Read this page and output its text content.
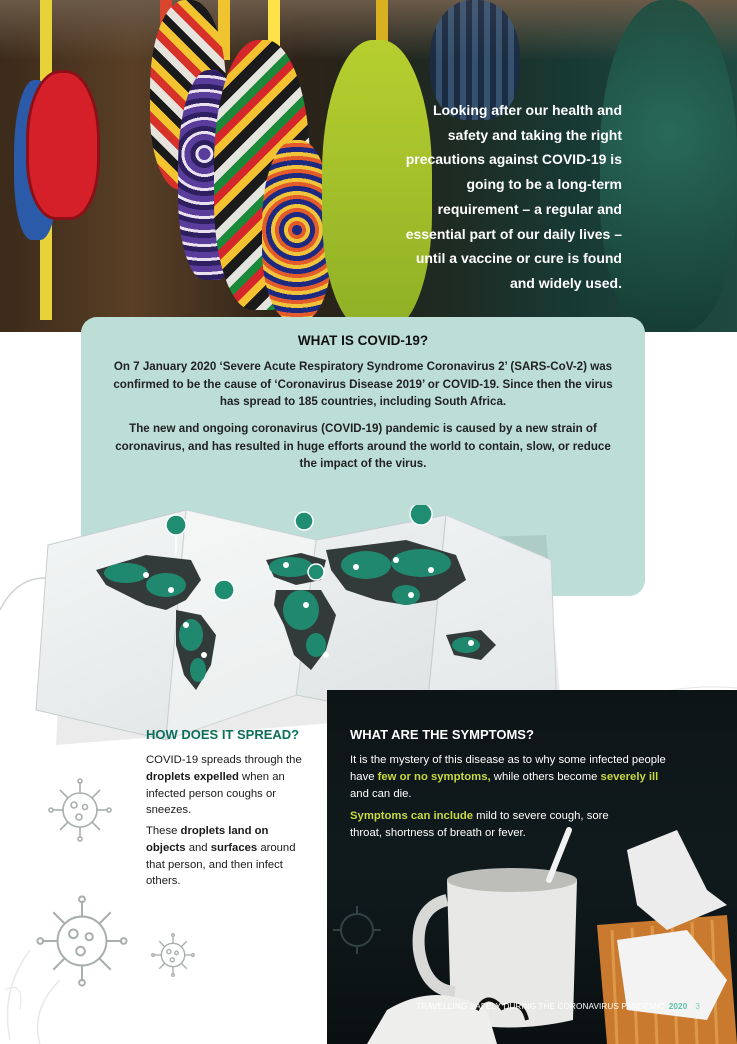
Looking after our health and safety and taking the right precautions against COVID-19 is going to be a long-term requirement – a regular and essential part of our daily lives – until a vaccine or cure is found and widely used.
WHAT IS COVID-19?
On 7 January 2020 ‘Severe Acute Respiratory Syndrome Coronavirus 2’ (SARS-CoV-2) was confirmed to be the cause of ‘Coronavirus Disease 2019’ or COVID-19. Since then the virus has spread to 185 countries, including South Africa.
The new and ongoing coronavirus (COVID-19) pandemic is caused by a new strain of coronavirus, and has resulted in huge efforts around the world to contain, slow, or reduce the impact of the virus.
WHAT ARE THE SYMPTOMS?
It is the mystery of this disease as to why some infected people have few or no symptoms, while others become severely ill and can die.
Symptoms can include mild to severe cough, sore throat, shortness of breath or fever.
HOW DOES IT SPREAD?
COVID-19 spreads through the droplets expelled when an infected person coughs or sneezes.
These droplets land on objects and surfaces around that person, and then infect others.
TRAVELLING SAFELY DURING THE CORONAVIRUS PANDEMIC 2020 3
